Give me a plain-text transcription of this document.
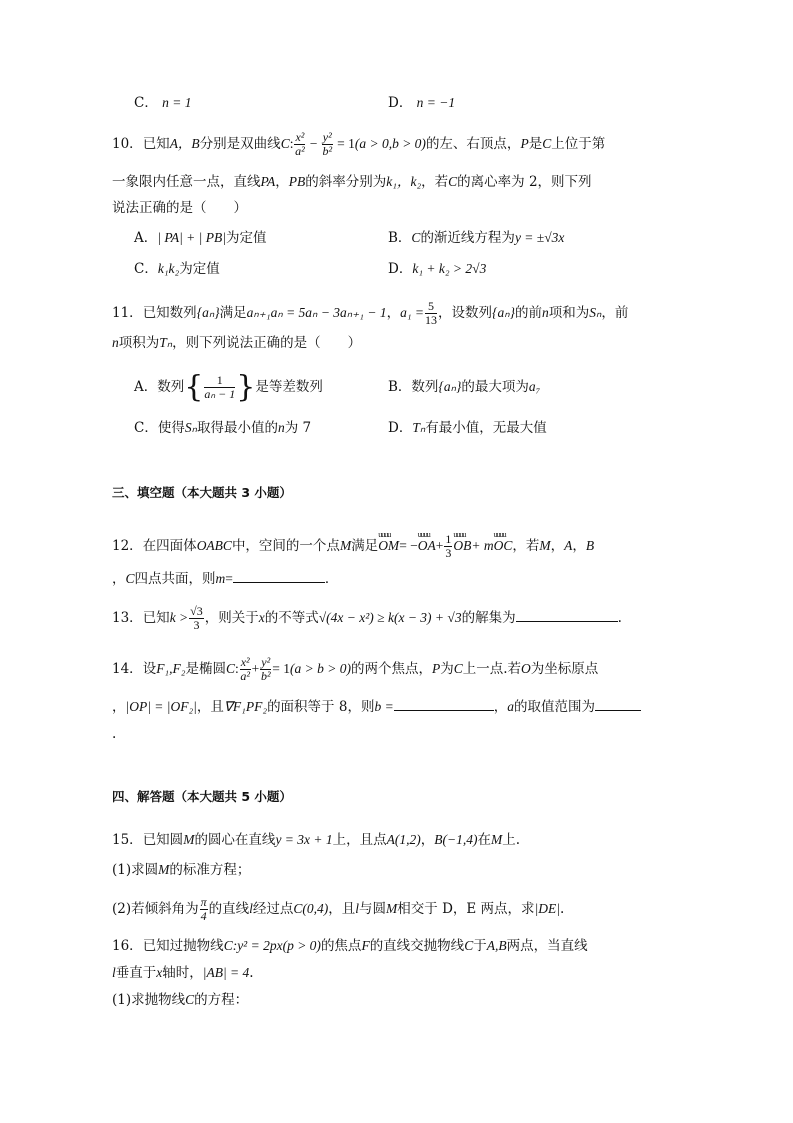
C． n = 1	D． n = −1
10．已知A，B分别是双曲线C: $\frac{\text{x²}}{\text{a²}} - \frac{\text{y²}}{\text{b²}} = 1(a > 0,b > 0)$的左、右顶点，P是C上位于第
一象限内任意一点，直线PA，PB的斜率分别为k₁，k₂，若C的离心率为 2，则下列
说法正确的是（　　）
A．| PA| + | PB|为定值	B．C的渐近线方程为y = ±√3x
C．k₁k₂为定值	D．k₁ + k₂ > 2√3
11．已知数列{aₙ}满足aₙ₊₁aₙ = 5aₙ − 3aₙ₊₁ − 1，$a_1 = \frac{5}{13}$ ，设数列{aₙ}的前n项和为Sₙ，前
n项积为Tₙ，则下列说法正确的是（　　）
A．数列{ $\frac{1}{\text{aₙ − 1}}$ }是等差数列	B．数列{aₙ}的最大项为a₇
C．使得Sₙ取得最小值的n为 7	D．Tₙ有最小值，无最大值
三、填空题（本大题共 3 小题）
12．在四面体OABC中，空间的一个点M满足uuuu OM= −uuuu $OA+ \frac{1}{3}$
uuuu OB+ muuuu OC，若M，A，B
，C四点共面，则m=	．
13．已知$k > \frac{√3}{3}$ ，则关于x的不等式√(4x − x²) ≥ k(x − 3) + √3的解集为	.
14．设F₁,F₂是椭圆C: $\frac{\text{x²}}{\text{a²}} + \frac{\text{y²}}{\text{b²}} = 1(a > b > 0)$的两个焦点，P为C上一点.若O为坐标原点
，|OP| = |OF₂|，且∇F₁PF₂的面积等于 8，则b =	，a的取值范围为
.
四、解答题（本大题共 5 小题）
15．已知圆M的圆心在直线y = 3x + 1上，且点A(1,2)，B(−1,4)在M上.
(1)求圆M的标准方程；
(2)若倾斜角为 $\frac{\pi}{4}$ 的直线l经过点C(0,4)，且l与圆M相交于 D，E 两点，求|DE|.
16．已知过抛物线C:y² = 2px(p > 0)的焦点F的直线交抛物线C于A,B两点，当直线
l垂直于x轴时，|AB| = 4.
(1)求抛物线C的方程：
